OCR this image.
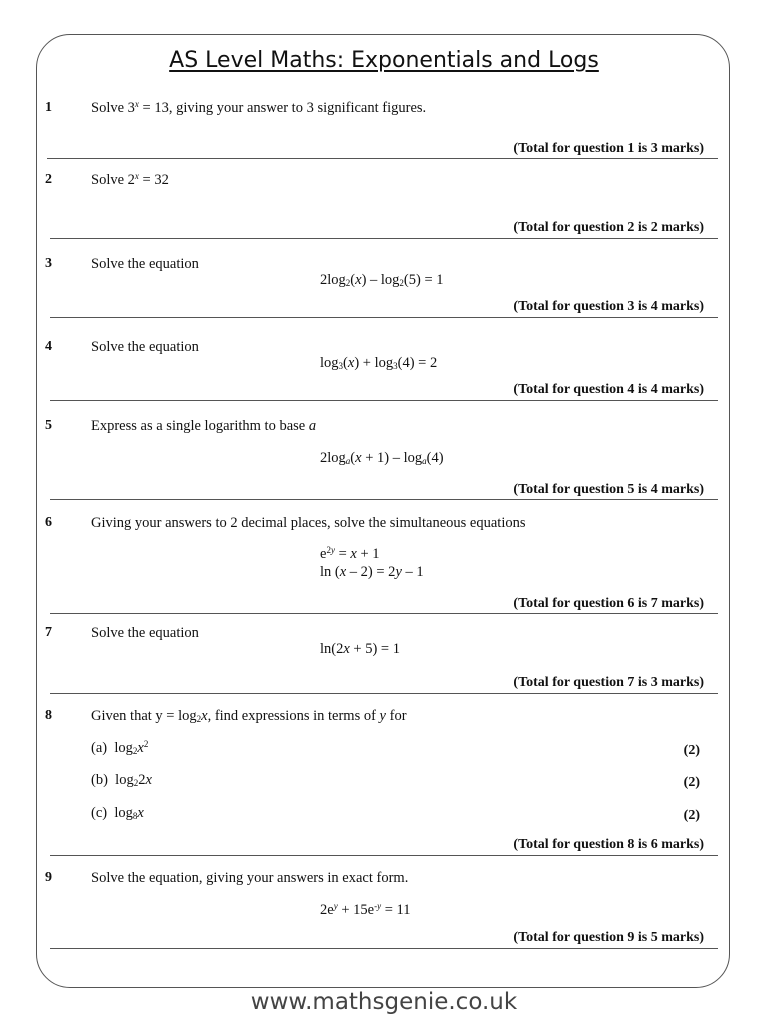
AS Level Maths: Exponentials and Logs
1	Solve $3^x = 13$, giving your answer to 3 significant figures.
(Total for question 1 is 3 marks)
2	Solve $2^x = 32$
(Total for question 2 is 2 marks)
3	Solve the equation
$2\log_2(x) - \log_2(5) = 1$
(Total for question 3 is 4 marks)
4	Solve the equation
$\log_3(x) + \log_3(4) = 2$
(Total for question 4 is 4 marks)
5	Express as a single logarithm to base a
$2\log_a(x + 1) - \log_a(4)$
(Total for question 5 is 4 marks)
6	Giving your answers to 2 decimal places, solve the simultaneous equations
$e^{2y} = x + 1$
ln (x – 2) = 2y – 1
(Total for question 6 is 7 marks)
7	Solve the equation
ln(2x + 5) = 1
(Total for question 7 is 3 marks)
8	Given that $y = \log_2x$, find expressions in terms of y for
(a)  $\log_2x^2$	(2)
(b)  $\log_22x$	(2)
(c)  $\log_8x$	(2)
(Total for question 8 is 6 marks)
9	Solve the equation, giving your answers in exact form.
$2e^y + 15e^{-y} = 11$
(Total for question 9 is 5 marks)
www.mathsgenie.co.uk
